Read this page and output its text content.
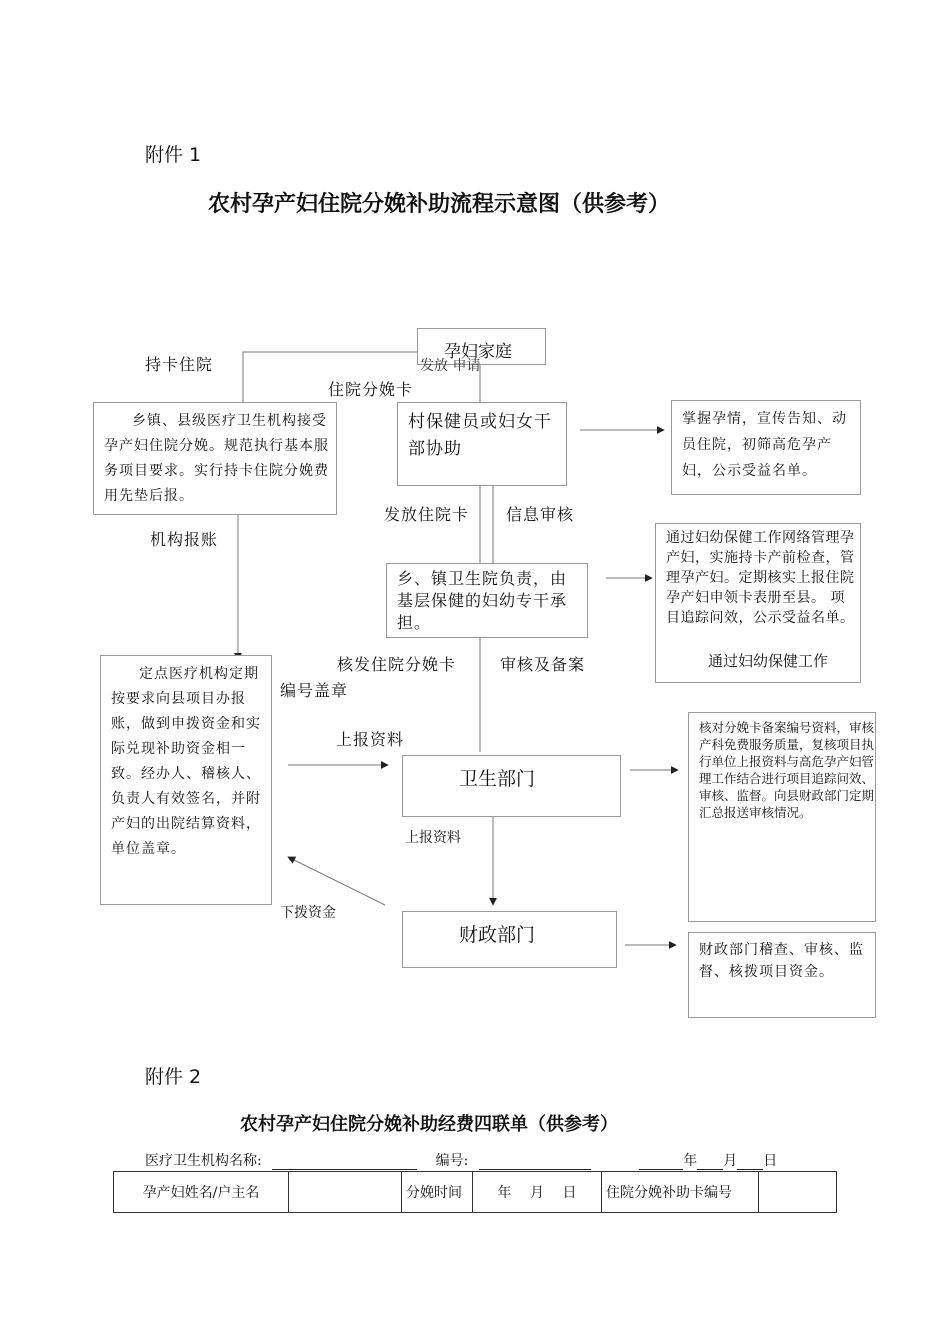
附件 1
农村孕产妇住院分娩补助流程示意图（供参考）
孕妇家庭
村保健员或妇女干部协助
乡镇、县级医疗卫生机构接受孕产妇住院分娩。规范执行基本服务项目要求。实行持卡住院分娩费用先垫后报。
乡、镇卫生院负责，由基层保健的妇幼专干承担。
定点医疗机构定期按要求向县项目办报账，做到申拨资金和实际兑现补助资金相一致。经办人、稽核人、负责人有效签名，并附产妇的出院结算资料，单位盖章。
卫生部门
财政部门
掌握孕情，宣传告知、动员住院，初筛高危孕产妇，公示受益名单。
通过妇幼保健工作网络管理孕产妇，实施持卡产前检查，管理孕产妇。定期核实上报住院孕产妇申领卡表册至县。 项目追踪问效，公示受益名单。
通过妇幼保健工作
核对分娩卡备案编号资料，审核产科免费服务质量，复核项目执行单位上报资料与高危孕产妇管理工作结合进行项目追踪问效、审核、监督。向县财政部门定期汇总报送审核情况。
财政部门稽查、审核、监督、核拨项目资金。
持卡住院	发放 申请
住院分娩卡
发放住院卡 信息审核
机构报账
核发住院分娩卡	审核及备案
编号盖章
上报资料
上报资料
下拨资金
附件 2
农村孕产妇住院分娩补助经费四联单（供参考）
医疗卫生机构名称:	编号:	年 月 日
孕产妇姓名/户主名		分娩时间	年　 月　 日	住院分娩补助卡编号	
